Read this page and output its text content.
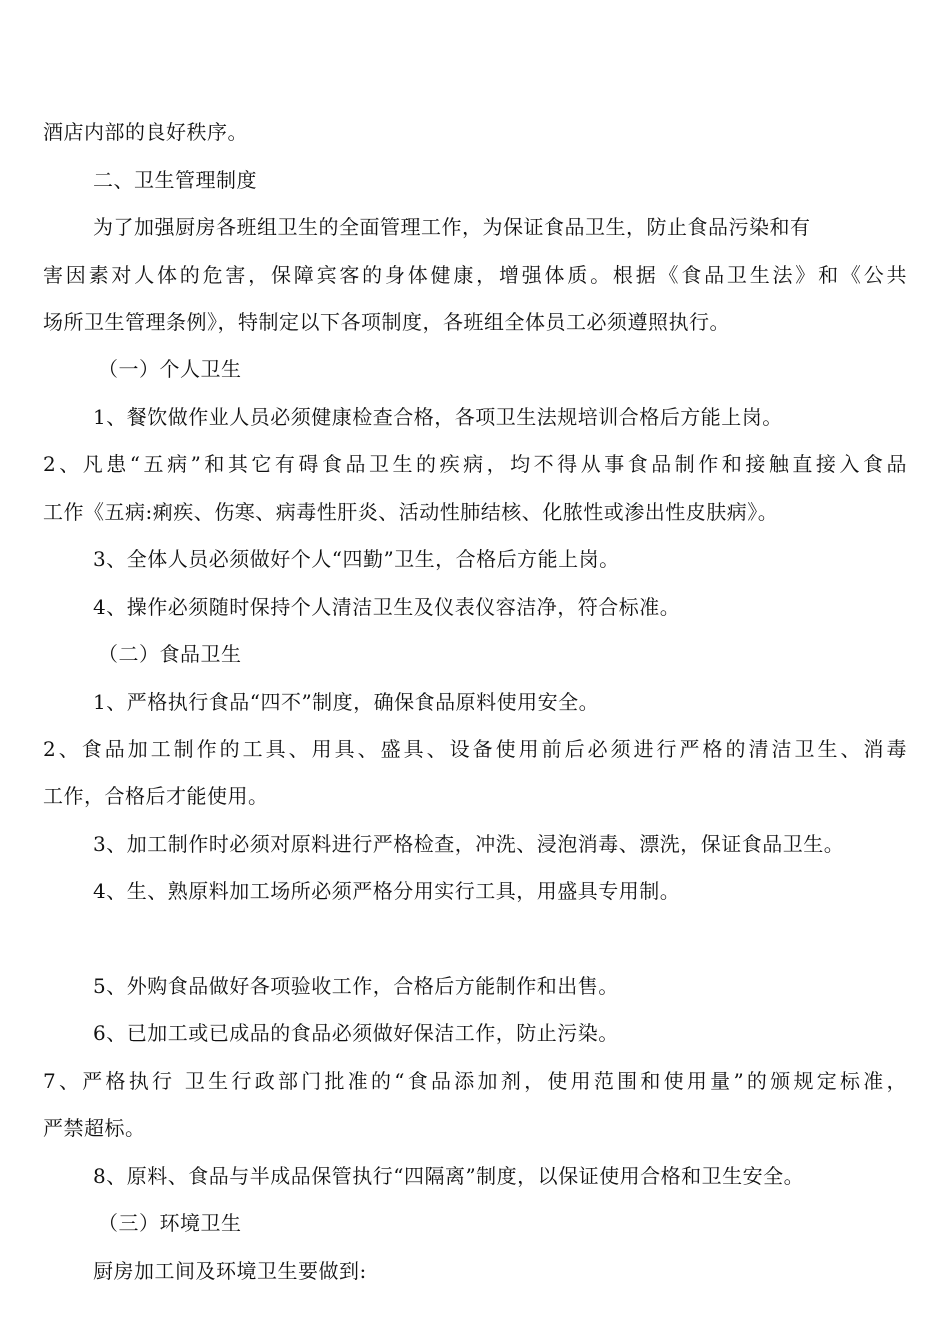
酒店内部的良好秩序。
二、卫生管理制度
为了加强厨房各班组卫生的全面管理工作，为保证食品卫生，防止食品污染和有
害因素对人体的危害，保障宾客的身体健康，增强体质。根据《食品卫生法》和《公共
场所卫生管理条例》，特制定以下各项制度，各班组全体员工必须遵照执行。
（一）个人卫生
1、餐饮做作业人员必须健康检查合格，各项卫生法规培训合格后方能上岗。
2、凡患“五病”和其它有碍食品卫生的疾病，均不得从事食品制作和接触直接入食品
工作《五病:痢疾、伤寒、病毒性肝炎、活动性肺结核、化脓性或渗出性皮肤病》。
3、全体人员必须做好个人“四勤”卫生，合格后方能上岗。
4、操作必须随时保持个人清洁卫生及仪表仪容洁净，符合标准。
（二）食品卫生
1、严格执行食品“四不”制度，确保食品原料使用安全。
2、食品加工制作的工具、用具、盛具、设备使用前后必须进行严格的清洁卫生、消毒
工作，合格后才能使用。
3、加工制作时必须对原料进行严格检查，冲洗、浸泡消毒、漂洗，保证食品卫生。
4、生、熟原料加工场所必须严格分用实行工具，用盛具专用制。
5、外购食品做好各项验收工作，合格后方能制作和出售。
6、已加工或已成品的食品必须做好保洁工作，防止污染。
7、严格执行 卫生行政部门批准的“食品添加剂，使用范围和使用量”的颁规定标准，
严禁超标。
8、原料、食品与半成品保管执行“四隔离”制度，以保证使用合格和卫生安全。
（三）环境卫生
厨房加工间及环境卫生要做到:
